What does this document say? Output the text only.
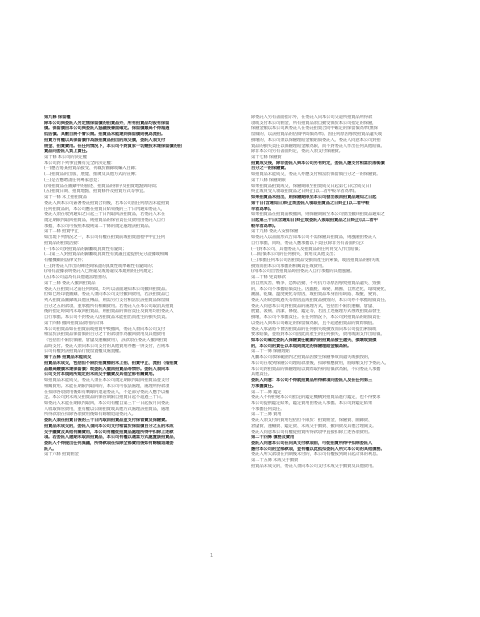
第九條 保留權
除本公司與委託人另定無保留價的拍賣品外，所有拍賣品均設有保留
價。保留價由本公司與委託人協議後書面確定。保留價最高不得超過
低估價。其數目將不會公開。拍賣品未能達到保留價則視為流拍。
拍賣方有權以其保留價作為該拍賣品拍出的成交價，委託人須支付
佣金、拍賣費用。在任何情況下，本公司不對買家一切競投未達保留價的拍
賣品向委託人負上責任。
第十條 本公司的決定權
本公司對下列事宜擁有完全的決定權：
(一)應否將某拍賣品接受、刊載於圖錄或編入目錄；
(二)拍賣品的出版、展覽、推廣及其他方式的宣傳；
(三)是否應聘請任何專家意見；
(四)拍賣品在圖錄中的描述、拍賣品的排序及拍賣地點與時間；
(五)拍賣日期、拍賣地點、拍賣條件及拍賣方式等事宜。
第十一條 未上拍拍賣品
委託人與本公司簽署委託拍賣合同後，若本公司因任何原因未能拍賣
任何拍賣品的，本公司應在拍賣日結束後的三十日內通知委託人，
委託人須在收到通知之日起三十日內取回該拍賣品，若委託人未在
規定期限內取回拍賣品，則拍賣品的保管責任及費用由委託人自行
承擔，本公司可按照本規則第二十條的規定處理該拍賣品。
第十二條 拍賣中止
如出現下列情況之一，本公司有權在拍賣前或拍賣過程中中止任何
拍賣品的拍賣活動：
(一)本公司對拍賣品的歸屬或真實性有疑問；
(二)第三人對拍賣品的歸屬或真實性有異議且能提供充分證據或相關
有權機關的法律文件；
(三)對委託人作出的陳述與保證的真實性或準確性有疑問的；
(四)有證據表明委託人已經違反或將違反本規則的任何規定；
(五)本公司認為有其他適當理由的。
第十三條 委託人撤回拍賣品
委託人在拍賣日之前任何時間，均可以書面通知本公司撤回拍賣品。
但如已經印製圖錄，委託人須向本公司支付撤回費用，若該拍賣品已
列入拍賣品圖錄或其他宣傳品，則需另行支付相當於該拍賣品保留價
百分之五的款項，並承擔所有相關費用。若委託人在本公司取消其拍賣
後的指定時間內未取回拍賣品，則拍賣品的保管責任及費用均由委託人
自行承擔。本公司不對委託人因拍賣品未能拍出而產生的損失負責。
第十四條 撤回拍賣品費用的計算
本公司拍賣品如在拍賣前或拍賣中被撤回，委託人須向本公司支付
相當於該拍賣品保留價的百分之十的款項作為撤回費用及其他費用
（包括但不限於保險、倉儲及運輸費用），該款項在委託人撤回拍賣
品時支付。委託人須向本公司支付的其他費用亦應一併支付，否則本
公司有權對該拍賣品行使留置權及處置權。
第十五條 拍賣品未能成交
拍賣品未成交，包括但不限於拍賣標的未上拍、拍賣中止、流拍（指拍賣
品最高競價未達保留價）或委託人撤回拍賣品等情形。委託人須向本
公司支付本規則所規定的未成交手續費及其他全部有關費用。
如拍賣品未能成交，委託人須在本公司規定期限內取回拍賣品並支付
相關費用。未能在期限內取回的，本公司可依法處理，處理所得款項
在扣除各項費用後如有剩餘的退還委託人，不足部分委託人應予以補
足。本公司對未成交拍賣品的保管期限自拍賣日起不超過三十日。
如委託人未能在期限內取回，本公司有權自第三十一日起按月向委託
人收取保管費用，並有權以公開拍賣或其他方式處理該拍賣品，處理
所得款項在扣除各項費用後如有餘額退還委託人。
委託人須在拍賣日後的三十日內取回拍賣品並支付保管費及保險費。
拍賣品未成交的，委託人須向本公司支付相當於保留價百分之五的未成
交手續費及其他有關費用，本公司有權從拍賣品處理所得中扣除上述款
項。若委託人逾期未取回拍賣品，本公司有權以適當方式處置該拍賣品，
委託人不得提出任何異議，所得款項在扣除全部費用後如有餘額退還委
託人。
第十六條 拍賣佣金
除委託人另有書面指示外，在委託人向本公司交還所拍賣品所得款
項或支付本公司佣金、所有拍賣品須自動受保於本公司指定的保險，
保險金額以本公司與委託人在委託拍賣合同中確定的保留價為準(無保
留價的，以該拍賣品的估價中間價為準)。因任何原因導致拍賣品遺失或
損壞的，本公司須以保險理賠金額賠償委託人。委託人同意本公司對拍
賣品的損失責任以保險理賠金額為限，而不對委託人作出任何其他賠償。
除非本公司另有書面約定，委託人須支付保險費。
第十七條 保險費
拍賣成交後，除非委託人與本公司另有約定，委託人應支付相當於落槌價
百分之一的保險費。
如拍賣品未能成交，委託人亦應支付相當於保留價百分之一的保險費。
第十八條 保險期限
如果拍賣品拍賣成交，保險期限至拍賣成交日起第七日(含成交日)
終止或買受人領取拍賣品之日終止(以二者中較早者為準)。
如果拍賣品未拍出，則保險期限至本公司發出領回拍賣品通知之日起
第十日(含通知日)終止或委託人領取拍賣品之日終止(以二者中較
早者為準)。
如果拍賣品在拍賣前被撤回，則保險期限至本公司發出撤回拍賣品通知之
日起第三十日(含通知日)終止或委託人領取拍賣品之日終止(以二者中
較早者為準)。
第十九條 委託人安排保險
如委託人以書面形式告知本公司不需保險其拍賣品，則風險由委託人
自行承擔，同時，委託人應承擔以下責任(除非另有書面約定)：
(一)對本公司、其他委託人及拍賣品的任何買受人作出賠償；
(二)賠償本公司的任何損失、費用及其他支出；
(三)承擔任何本公司因拍賣品受損而產生的索償，或因拍賣品的損失或
損毀而由本公司承擔的相關責任或費用。
(四)本公司出售拍賣品時由委託人自行承擔的其他風險。
第二十條 免責條款
因自然災害、戰爭、恐怖活動、不可抗力等原因導致拍賣品遺失、毀損
的，本公司不承擔賠償責任。因蟲蛀、霉變、腐蝕、自然老化、環境變化、
潮濕、乾燥、溫度變化等原因，或拍賣品本身固有缺陷、瑕疵、變質、
委託人的故意或過失等原因造成拍賣品損毀的，本公司亦不承擔賠償責任。
委託人同意本公司對拍賣品的處理方式，包括但不限於運輸、倉儲、
展覽、裝裱、清潔、修復、鑑定等，若因上述處理方式導致拍賣品發生
損壞，本公司不承擔責任。在任何情況下，本公司對拍賣品的賠償責任
以委託人與本公司確定的保留價為限，且不超過拍賣品的實際價值。
委託人承諾將不會因拍賣品的任何損失或損毀而向本公司提出索償或
要求賠償，並將對本公司因此而產生的任何損失、費用或開支作出賠償。
如本公司確定委託人保險責任範圍內的拍賣品發生遺失、損壞或毀損
的，本公司的責任以本規則規定的保險理賠金額為限。
第二十一條 保險理賠
凡屬本公司承保範圍內之拍賣品因發生保險事故而遺失或損毀的，
本公司在收到保險公司理賠款項後，扣除相應費用，將餘額支付予委託人。
本公司對拍賣品的保險理賠以實際取得的賠償款為限，不向委託人承擔
其他責任。
委託人同意：本公司不得就拍賣品所得款項向委託人及在任何第三
方承擔責任。
第二十二條 鑑定
委託人不得拒絕本公司指定的鑑定機構對拍賣品進行鑑定，也不得要求
本公司提供鑑定結果，鑑定費用由委託人承擔。本公司對鑑定結果
不承擔任何責任。
第二十三條 費用
委託人須支付的費用包括但不限於：拍賣佣金、保險費、圖錄費、
倉儲費、運輸費、鑑定費、未成交手續費、撤回費及其他合理開支。
委託人同意本公司有權從拍賣所得款項中直接扣除上述各項費用。
第二十四條 債務及費用
委託人同意本公司在向其支付款項前，可從拍賣所得中扣除委託人
應付本公司的全部款項，並有權以此抵扣委託人所欠本公司的其他債務。
委託人所欠款項在到期後未付的，本公司有權按到期日起計算的利息。
第二十五條 未成交手續費
拍賣品未成交的，委託人須向本公司支付未成交手續費及其他費用。
1
